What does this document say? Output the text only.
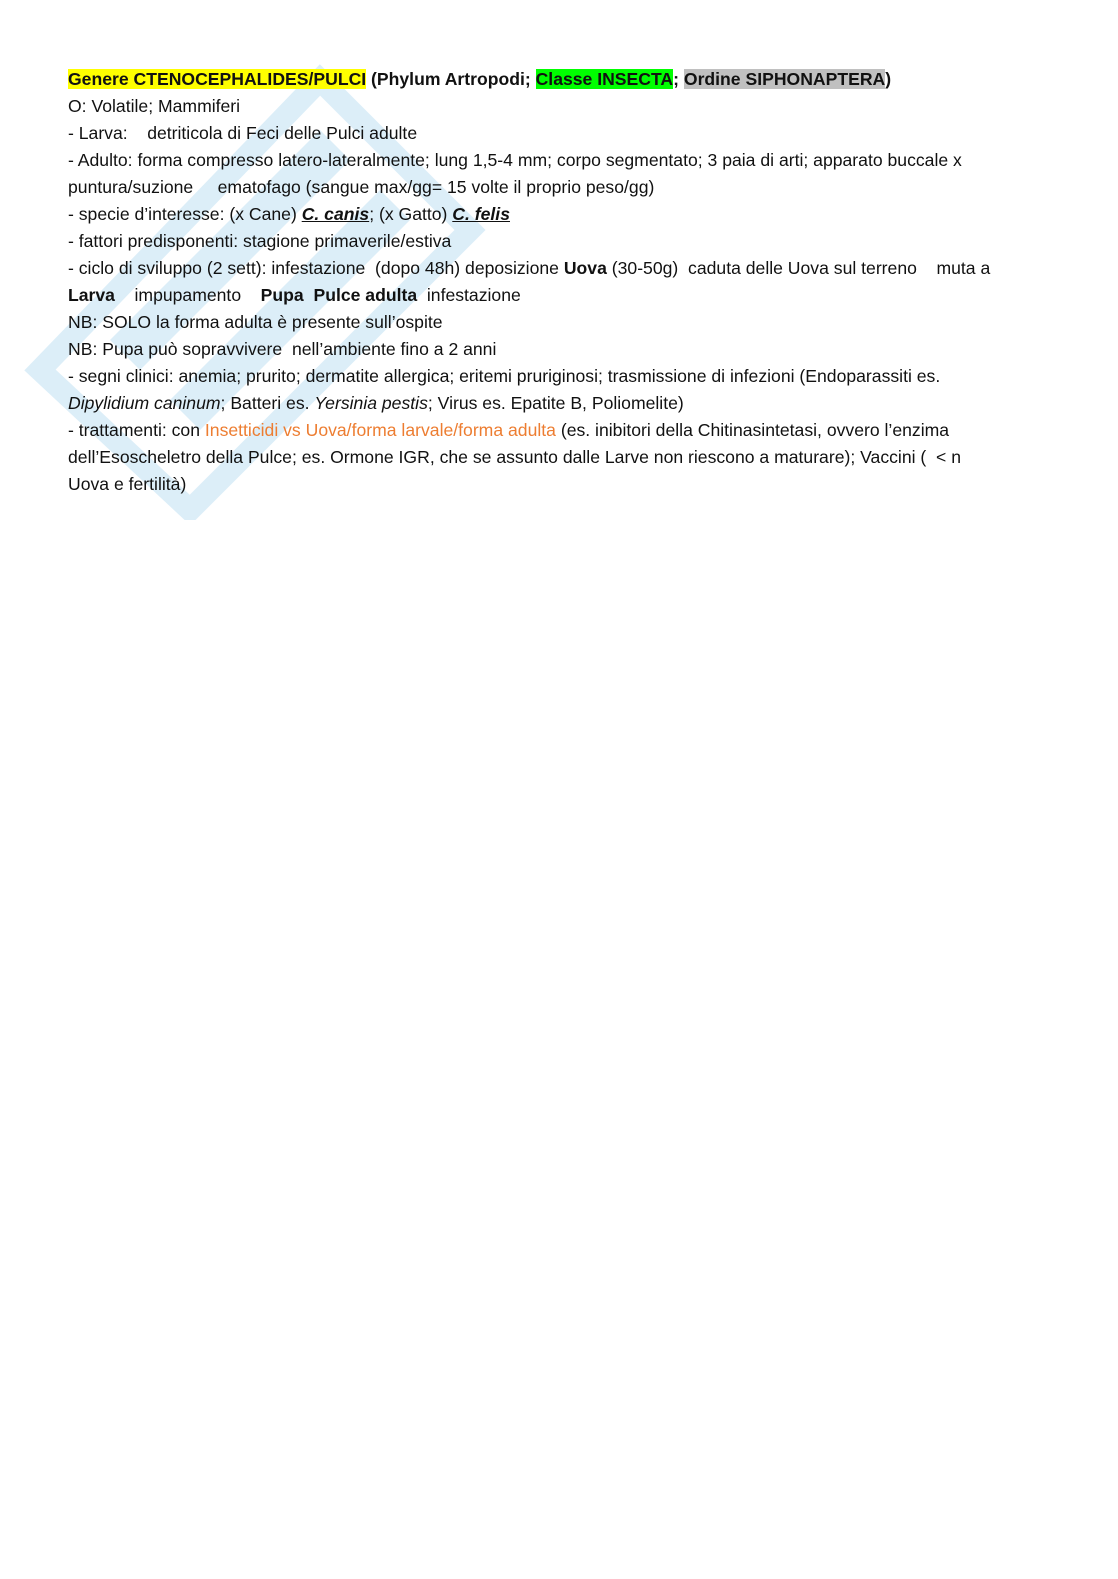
Genere CTENOCEPHALIDES/PULCI (Phylum Artropodi; Classe INSECTA; Ordine SIPHONAPTERA)
O: Volatile; Mammiferi
- Larva:    detriticola di Feci delle Pulci adulte
- Adulto: forma compresso latero-lateralmente; lung 1,5-4 mm; corpo segmentato; 3 paia di arti; apparato buccale x
puntura/suzione     ematofago (sangue max/gg= 15 volte il proprio peso/gg)
- specie d’interesse: (x Cane) C. canis; (x Gatto) C. felis
- fattori predisponenti: stagione primaverile/estiva
- ciclo di sviluppo (2 sett): infestazione  (dopo 48h) deposizione Uova (30-50g)  caduta delle Uova sul terreno    muta a
Larva    impupamento    Pupa Pulce adulta  infestazione
NB: SOLO la forma adulta è presente sull’ospite
NB: Pupa può sopravvivere  nell’ambiente fino a 2 anni
- segni clinici: anemia; prurito; dermatite allergica; eritemi pruriginosi; trasmissione di infezioni (Endoparassiti es.
Dipylidium caninum; Batteri es. Yersinia pestis; Virus es. Epatite B, Poliomelite)
- trattamenti: con Insetticidi vs Uova/forma larvale/forma adulta (es. inibitori della Chitinasintetasi, ovvero l’enzima
dell’Esoscheletro della Pulce; es. Ormone IGR, che se assunto dalle Larve non riescono a maturare); Vaccini (  < n
Uova e fertilità)
